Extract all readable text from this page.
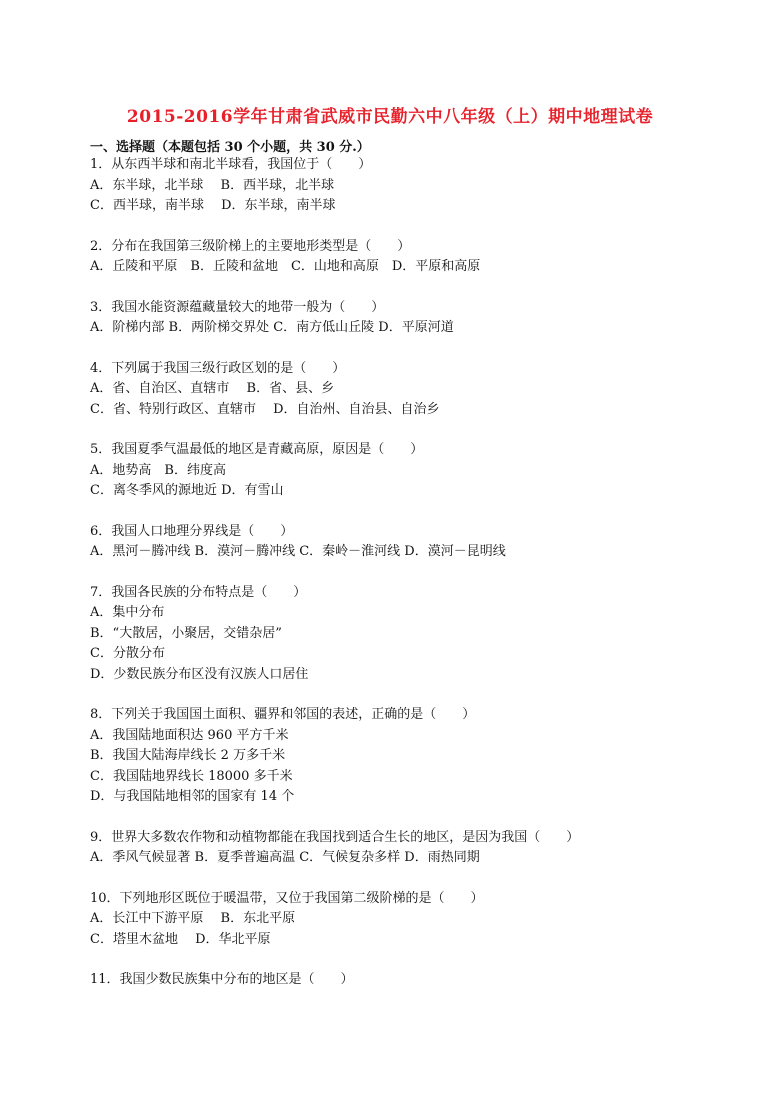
2015-2016学年甘肃省武威市民勤六中八年级（上）期中地理试卷
一、选择题（本题包括 30 个小题，共 30 分.）
1．从东西半球和南北半球看，我国位于（　　）
A．东半球，北半球　 B．西半球，北半球
C．西半球，南半球　 D．东半球，南半球
2．分布在我国第三级阶梯上的主要地形类型是（　　）
A．丘陵和平原　B．丘陵和盆地　C．山地和高原　D．平原和高原
3．我国水能资源蕴藏量较大的地带一般为（　　）
A．阶梯内部 B．两阶梯交界处 C．南方低山丘陵 D．平原河道
4．下列属于我国三级行政区划的是（　　）
A．省、自治区、直辖市　 B．省、县、乡
C．省、特别行政区、直辖市　 D．自治州、自治县、自治乡
5．我国夏季气温最低的地区是青藏高原，原因是（　　）
A．地势高　B．纬度高
C．离冬季风的源地近 D．有雪山
6．我国人口地理分界线是（　　）
A．黑河－腾冲线 B．漠河－腾冲线 C．秦岭－淮河线 D．漠河－昆明线
7．我国各民族的分布特点是（　　）
A．集中分布
B．“大散居，小聚居，交错杂居”
C．分散分布
D．少数民族分布区没有汉族人口居住
8．下列关于我国国土面积、疆界和邻国的表述，正确的是（　　）
A．我国陆地面积达 960 平方千米
B．我国大陆海岸线长 2 万多千米
C．我国陆地界线长 18000 多千米
D．与我国陆地相邻的国家有 14 个
9．世界大多数农作物和动植物都能在我国找到适合生长的地区，是因为我国（　　）
A．季风气候显著 B．夏季普遍高温 C．气候复杂多样 D．雨热同期
10．下列地形区既位于暖温带，又位于我国第二级阶梯的是（　　）
A．长江中下游平原　 B．东北平原
C．塔里木盆地　 D．华北平原
11．我国少数民族集中分布的地区是（　　）
